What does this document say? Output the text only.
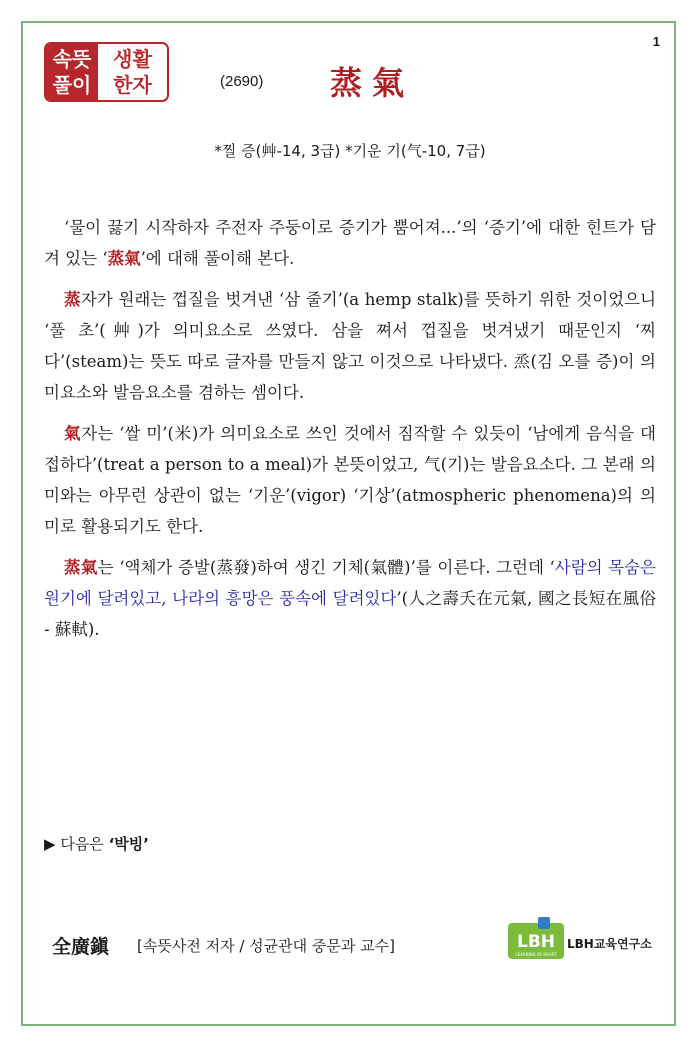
1
속뜻
풀이
생활
한자	(2690) 蒸氣
*찔 증(艸-14, 3급) *기운 기(气-10, 7급)

‘물이 끓기 시작하자 주전자 주둥이로 증기가 뿜어져...’의 ‘증기’에 대한 힌트가 담겨 있는 ‘蒸氣’에 대해 풀이해 본다.

蒸자가 원래는 껍질을 벗겨낸 ‘삼 줄기’(a hemp stalk)를 뜻하기 위한 것이었으니 ‘풀 초’(艸)가 의미요소로 쓰였다. 삼을 쪄서 껍질을 벗겨냈기 때문인지 ‘찌다’(steam)는 뜻도 따로 글자를 만들지 않고 이것으로 나타냈다. 烝(김 오를 증)이 의미요소와 발음요소를 겸하는 셈이다.

氣자는 ‘쌀 미’(米)가 의미요소로 쓰인 것에서 짐작할 수 있듯이 ‘남에게 음식을 대접하다’(treat a person to a meal)가 본뜻이었고, 气(기)는 발음요소다. 그 본래 의미와는 아무런 상관이 없는 ‘기운’(vigor) ‘기상’(atmospheric phenomena)의 의미로 활용되기도 한다.

蒸氣는 ‘액체가 증발(蒸發)하여 생긴 기체(氣體)’를 이른다. 그런데 ‘사람의 목숨은 원기에 달려있고, 나라의 흥망은 풍속에 달려있다’(人之壽夭在元氣, 國之長短在風俗 - 蘇軾).

▶ 다음은 ‘박빙’
全廣鎭 [속뜻사전 저자 / 성균관대 중문과 교수]	LBH
LEARNING BY HEART
LBH교육연구소
